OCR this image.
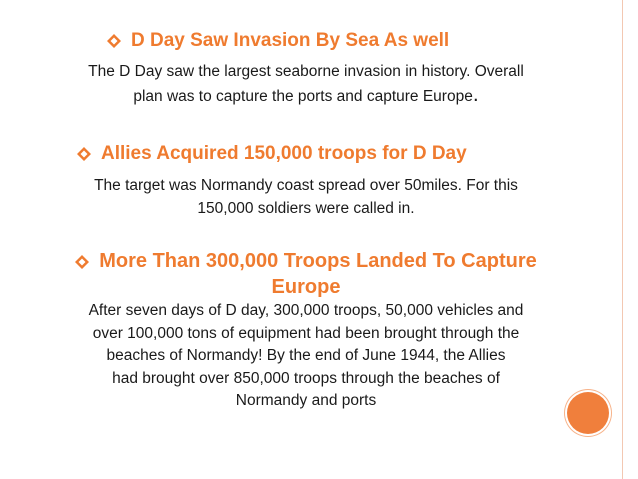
D Day Saw Invasion By Sea As well
The D Day saw the largest seaborne invasion in history. Overall
plan was to capture the ports and capture Europe.
Allies Acquired 150,000 troops for D Day
The target was Normandy coast spread over 50miles. For this
150,000 soldiers were called in.
More Than 300,000 Troops Landed To Capture
Europe
After seven days of D day, 300,000 troops, 50,000 vehicles and
over 100,000 tons of equipment had been brought through the
beaches of Normandy! By the end of June 1944, the Allies
had brought over 850,000 troops through the beaches of
Normandy and ports
